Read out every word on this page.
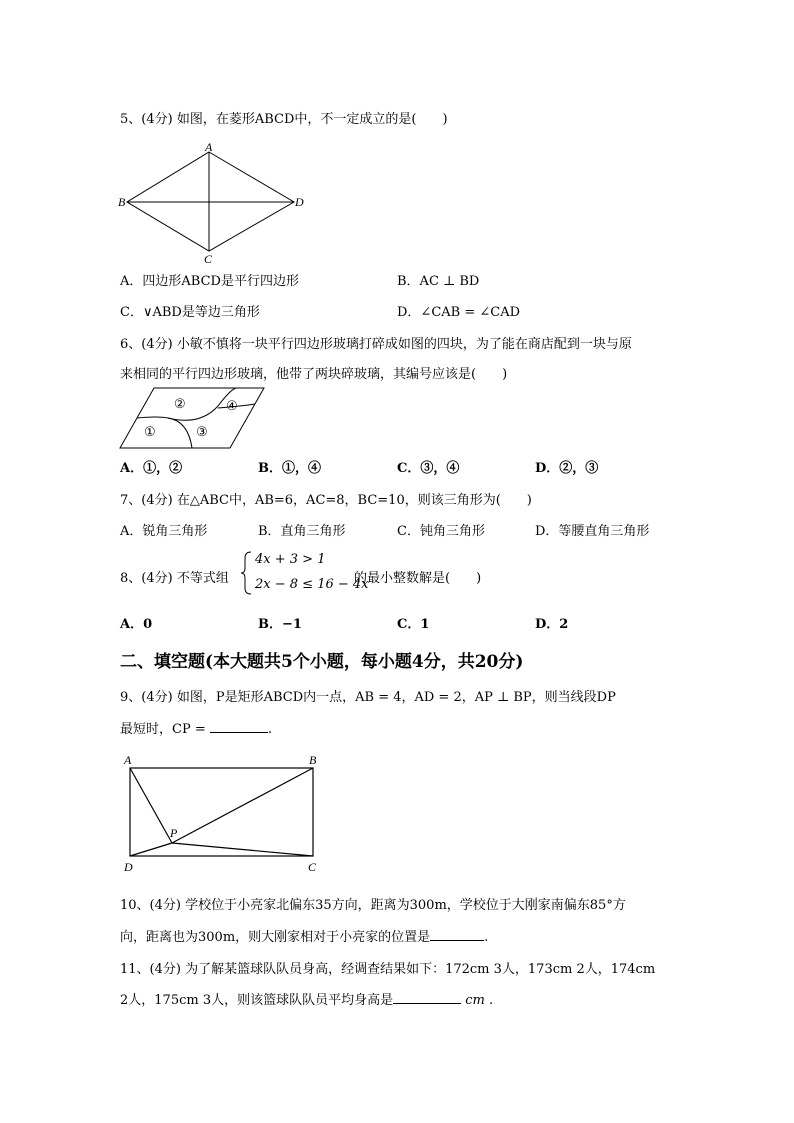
5、(4分) 如图，在菱形ABCD中，不一定成立的是(　　)
A
B
C
D
A．四边形ABCD是平行四边形	B．AC ⊥ BD
C．∨ABD是等边三角形	D．∠CAB = ∠CAD
6、(4分) 小敏不慎将一块平行四边形玻璃打碎成如图的四块，为了能在商店配到一块与原
来相同的平行四边形玻璃，他带了两块碎玻璃，其编号应该是(　　)
②	④
①	③
A．①，②	B．①，④	C．③，④	D．②，③
7、(4分) 在△ABC中，AB=6，AC=8，BC=10，则该三角形为(　　)
A．锐角三角形	B．直角三角形	C．钝角三角形	D．等腰直角三角形
8、(4分) 不等式组
4x + 3 > 1
2x − 8 ≤ 16 − 4x
的最小整数解是(　　)
A．0	B．−1	C．1	D．2
二、填空题(本大题共5个小题，每小题4分，共20分)
9、(4分) 如图，P是矩形ABCD内一点，AB = 4，AD = 2，AP ⊥ BP，则当线段DP
最短时，CP =	.
A	B
D	C
P
10、(4分) 学校位于小亮家北偏东35方向，距离为300m，学校位于大刚家南偏东85°方
向，距离也为300m，则大刚家相对于小亮家的位置是	.
11、(4分) 为了解某篮球队队员身高，经调查结果如下：172cm 3人，173cm 2人，174cm
2人，175cm 3人，则该篮球队队员平均身高是	cm .
